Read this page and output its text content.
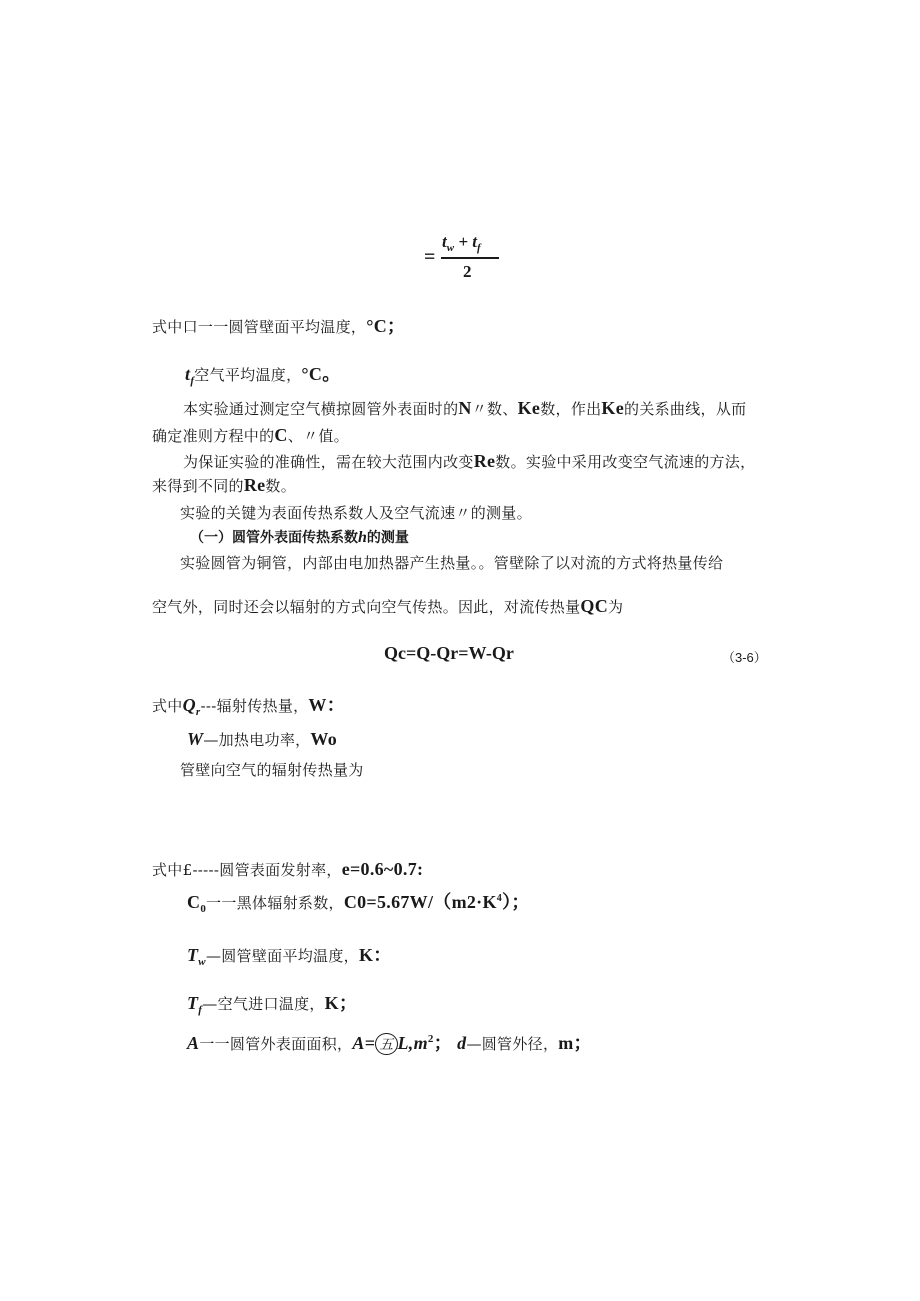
=
$t_w + t_f$
2
式中口一一圆管壁面平均温度，°C；
$t_f$空气平均温度，°C。
本实验通过测定空气横掠圆管外表面时的N〃数、Ke数，作出Ke的关系曲线，从而
确定准则方程中的C、〃值。
为保证实验的准确性，需在较大范围内改变Re数。实验中采用改变空气流速的方法，
来得到不同的Re数。
实验的关键为表面传热系数人及空气流速〃的测量。
（一）圆管外表面传热系数h的测量
实验圆管为铜管，内部由电加热器产生热量。。管壁除了以对流的方式将热量传给
空气外，同时还会以辐射的方式向空气传热。因此，对流传热量QC为
Qc=Q-Qr=W-Qr	（3-6）
式中$Q_r---$辐射传热量，W：
W—加热电功率，Wo
管壁向空气的辐射传热量为
式中£-----圆管表面发射率，e=0.6~0.7:
$C_0$一一黑体辐射系数，$C0=5.67W/(m2\cdot K^4)$；
$T_w—$圆管壁面平均温度，K：
$T_f—$空气进口温度，K；
A一一圆管外表面面积，A= 五 $L,m^2$； d—圆管外径，m；
